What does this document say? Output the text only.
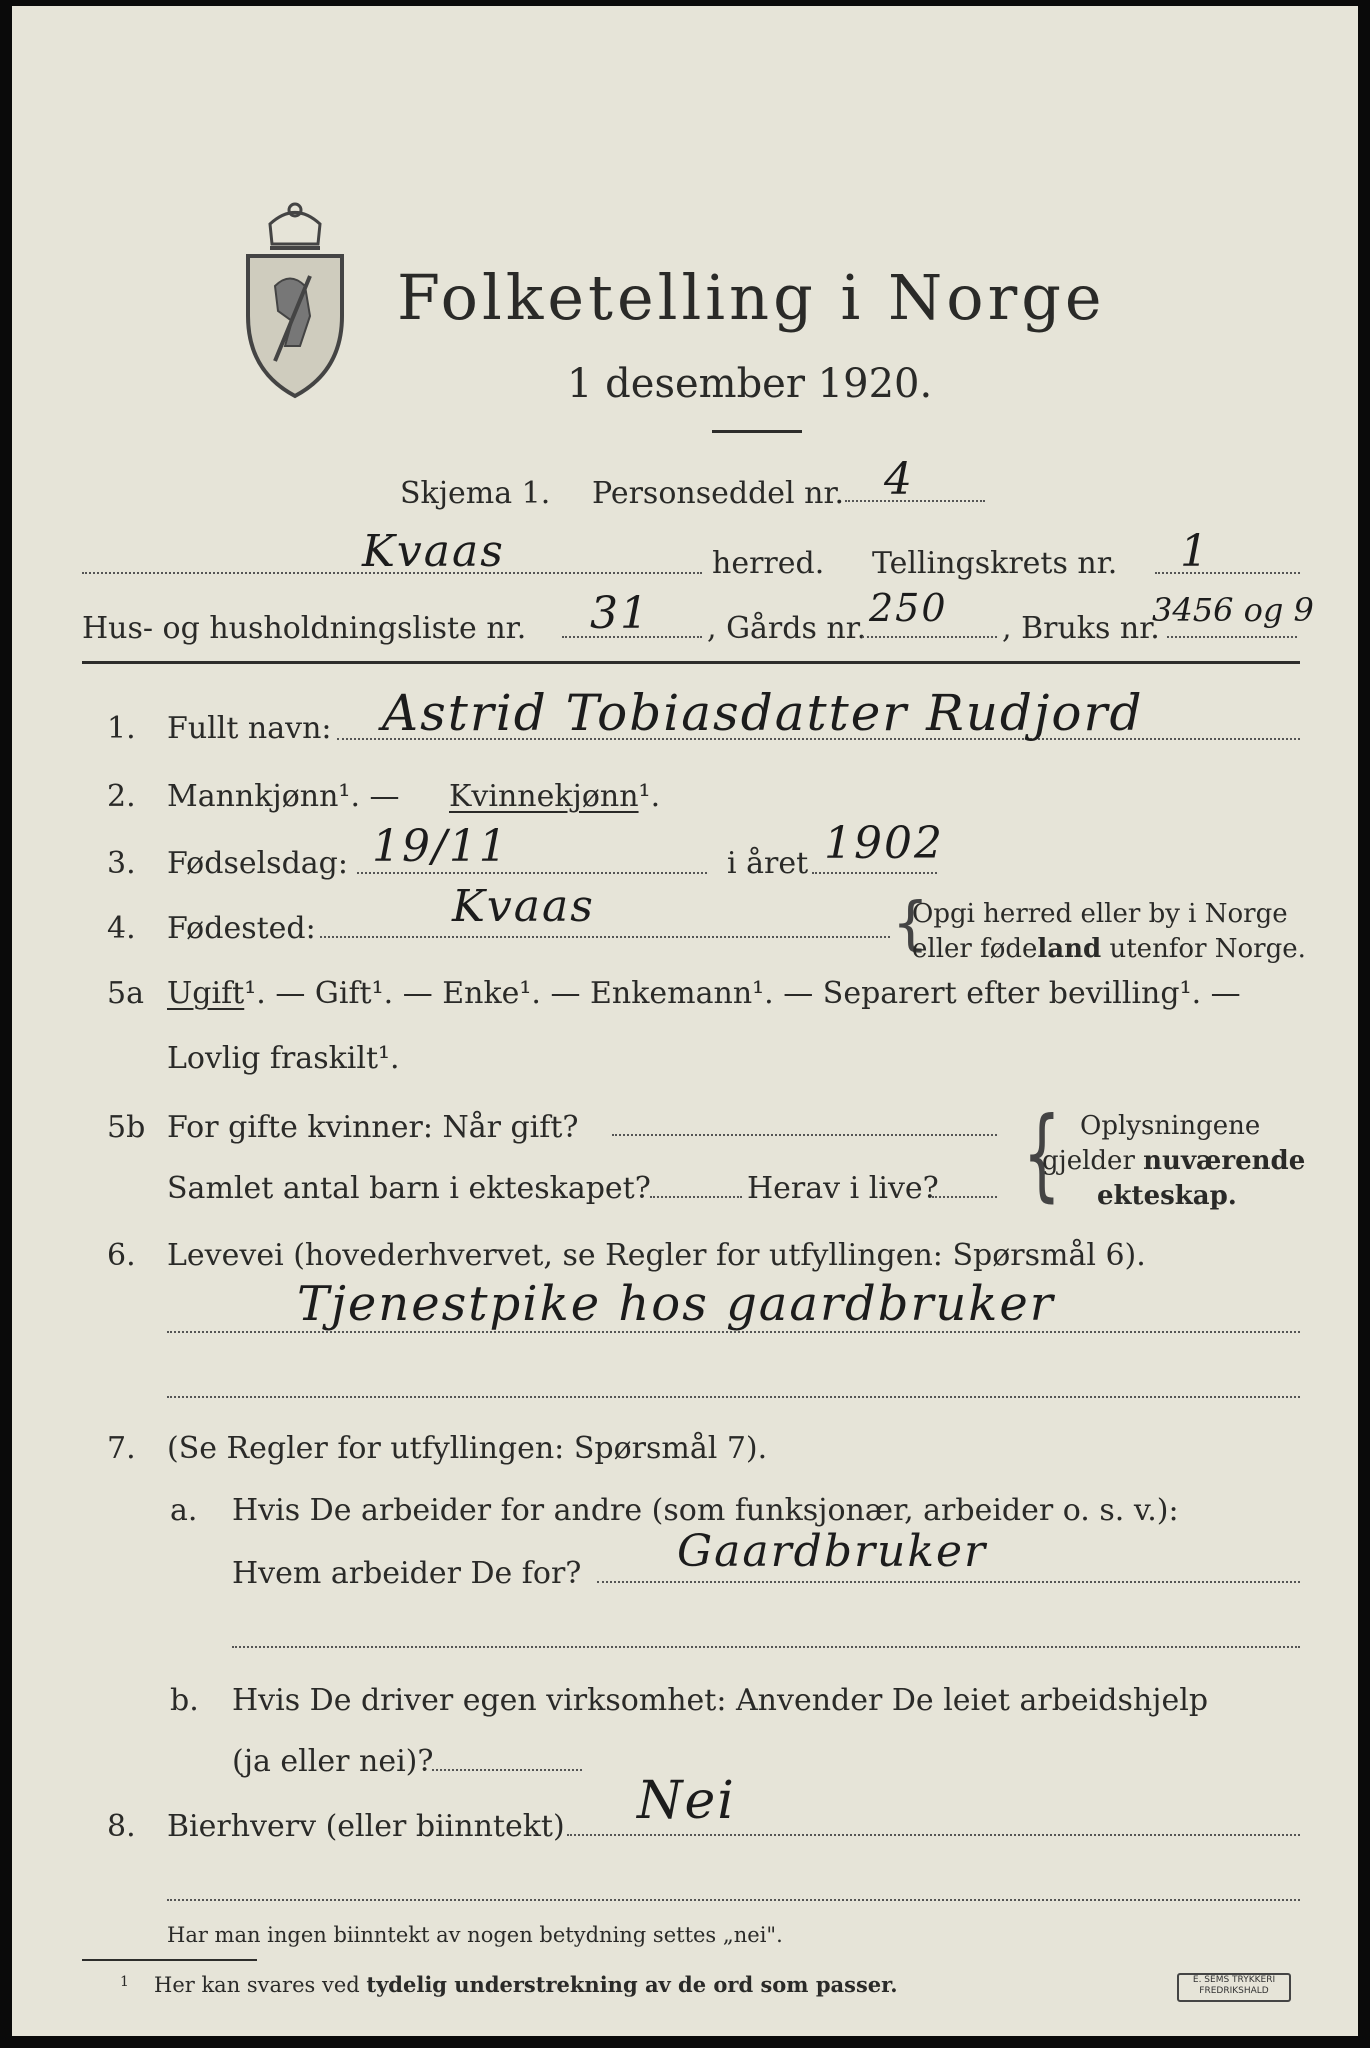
Folketelling i Norge
1 desember 1920.
Skjema 1. Personseddel nr. 4
Kvaas	herred. Tellingskrets nr. 1
Hus- og husholdningsliste nr. 31 , Gårds nr. 250 , Bruks nr.
3456 og 9
1. Fullt navn: Astrid Tobiasdatter Rudjord
2. Mannkjønn¹. — Kvinnekjønn¹.
3. Fødselsdag: 19/11	i året 1902
4. Fødested:	Kvaas	{
Opgi herred eller by i Norge
eller fødeland utenfor Norge.
5a Ugift¹. — Gift¹. — Enke¹. — Enkemann¹. — Separert efter bevilling¹. —
Lovlig fraskilt¹.
5b For gifte kvinner: Når gift?
Samlet antal barn i ekteskapet?	Herav i live? { Oplysningene
gjelder nuværende
ekteskap.
6. Levevei (hovederhvervet, se Regler for utfyllingen: Spørsmål 6).
Tjenestpike hos gaardbruker
7. (Se Regler for utfyllingen: Spørsmål 7).
a. Hvis De arbeider for andre (som funksjonær, arbeider o. s. v.):
Hvem arbeider De for? Gaardbruker
b. Hvis De driver egen virksomhet: Anvender De leiet arbeidshjelp
(ja eller nei)?
8. Bierhverv (eller biinntekt) Nei
Har man ingen biinntekt av nogen betydning settes „nei".
1 Her kan svares ved tydelig understrekning av de ord som passer.	E. SEMS TRYKKERI
FREDRIKSHALD
